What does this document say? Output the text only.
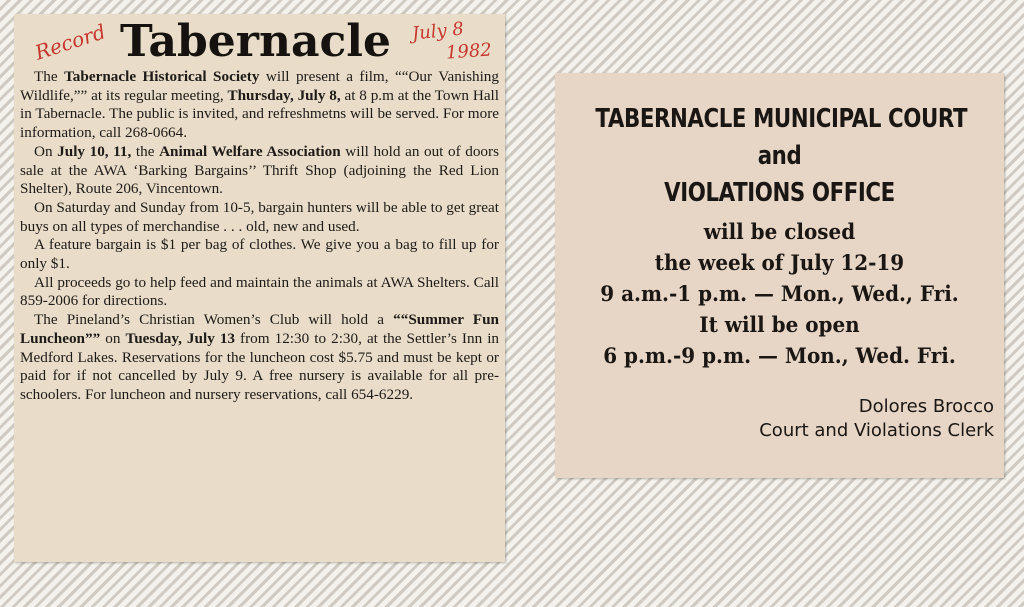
Record Tabernacle July 8
1982

The Tabernacle Historical Society will present a film, ““Our Vanishing Wildlife,”” at its regular meeting, Thursday, July 8, at 8 p.m at the Town Hall in Tabernacle. The public is invited, and refreshmetns will be served. For more information, call 268-0664.

On July 10, 11, the Animal Welfare Association will hold an out of doors sale at the AWA ‘Barking Bargains’’ Thrift Shop (adjoining the Red Lion Shelter), Route 206, Vincentown.

On Saturday and Sunday from 10-5, bargain hunters will be able to get great buys on all types of merchandise . . . old, new and used.

A feature bargain is $1 per bag of clothes. We give you a bag to fill up for only $1.

All proceeds go to help feed and maintain the animals at AWA Shelters. Call 859-2006 for directions.

The Pineland’s Christian Women’s Club will hold a ““Summer Fun Luncheon”” on Tuesday, July 13 from 12:30 to 2:30, at the Settler’s Inn in Medford Lakes. Reservations for the luncheon cost $5.75 and must be kept or paid for if not cancelled by July 9. A free nursery is available for all pre-schoolers. For luncheon and nursery reservations, call 654-6229.

TABERNACLE MUNICIPAL COURT
and
VIOLATIONS OFFICE
will be closed
the week of July 12-19
9 a.m.-1 p.m. — Mon., Wed., Fri.
It will be open
6 p.m.-9 p.m. — Mon., Wed. Fri.
Dolores Brocco
Court and Violations Clerk
